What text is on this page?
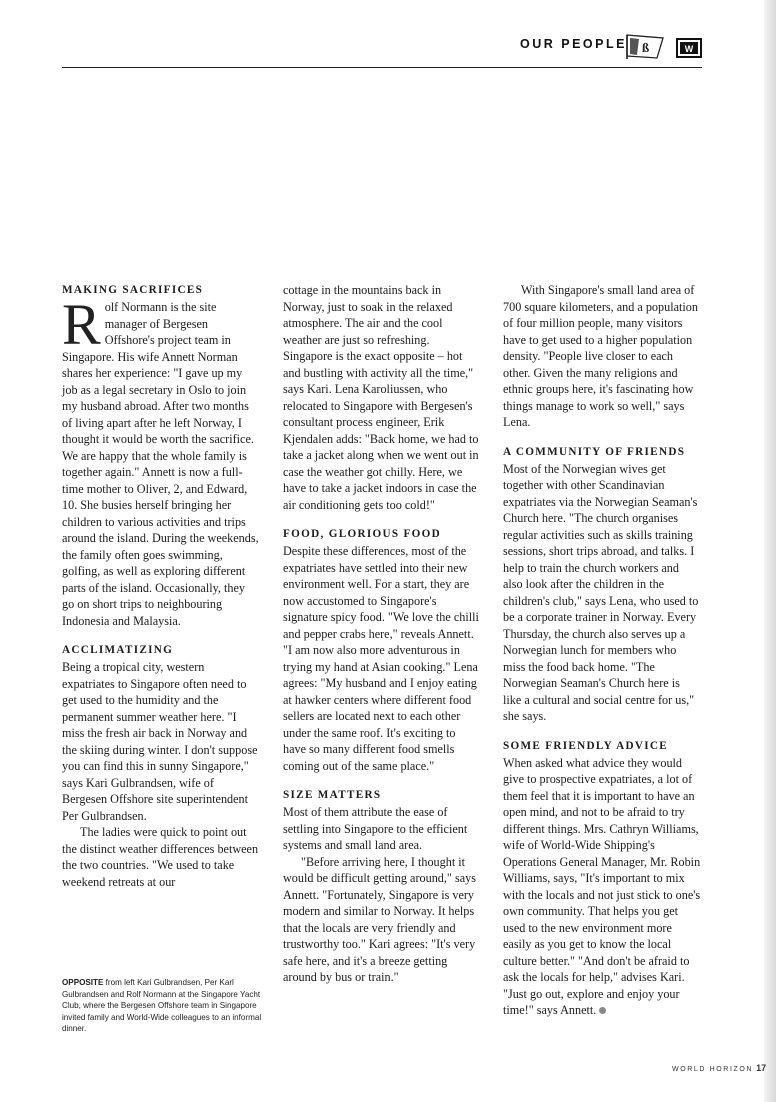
OUR PEOPLE ß	W
MAKING SACRIFICES

Rolf Normann is the site manager of Bergesen Offshore's project team in Singapore. His wife Annett Norman shares her experience: "I gave up my job as a legal secretary in Oslo to join my husband abroad. After two months of living apart after he left Norway, I thought it would be worth the sacrifice. We are happy that the whole family is together again." Annett is now a full-time mother to Oliver, 2, and Edward, 10. She busies herself bringing her children to various activities and trips around the island. During the weekends, the family often goes swimming, golfing, as well as exploring different parts of the island. Occasionally, they go on short trips to neighbouring Indonesia and Malaysia.

ACCLIMATIZING

Being a tropical city, western expatriates to Singapore often need to get used to the humidity and the permanent summer weather here. "I miss the fresh air back in Norway and the skiing during winter. I don't suppose you can find this in sunny Singapore," says Kari Gulbrandsen, wife of Bergesen Offshore site superintendent Per Gulbrandsen.

The ladies were quick to point out the distinct weather differences between the two countries. "We used to take weekend retreats at our

cottage in the mountains back in Norway, just to soak in the relaxed atmosphere. The air and the cool weather are just so refreshing. Singapore is the exact opposite – hot and bustling with activity all the time," says Kari. Lena Karoliussen, who relocated to Singapore with Bergesen's consultant process engineer, Erik Kjendalen adds: "Back home, we had to take a jacket along when we went out in case the weather got chilly. Here, we have to take a jacket indoors in case the air conditioning gets too cold!"

FOOD, GLORIOUS FOOD

Despite these differences, most of the expatriates have settled into their new environment well. For a start, they are now accustomed to Singapore's signature spicy food. "We love the chilli and pepper crabs here," reveals Annett. "I am now also more adventurous in trying my hand at Asian cooking." Lena agrees: "My husband and I enjoy eating at hawker centers where different food sellers are located next to each other under the same roof. It's exciting to have so many different food smells coming out of the same place."

SIZE MATTERS

Most of them attribute the ease of settling into Singapore to the efficient systems and small land area.

"Before arriving here, I thought it would be difficult getting around," says Annett. "Fortunately, Singapore is very modern and similar to Norway. It helps that the locals are very friendly and trustworthy too." Kari agrees: "It's very safe here, and it's a breeze getting around by bus or train."

With Singapore's small land area of 700 square kilometers, and a population of four million people, many visitors have to get used to a higher population density. "People live closer to each other. Given the many religions and ethnic groups here, it's fascinating how things manage to work so well," says Lena.

A COMMUNITY OF FRIENDS

Most of the Norwegian wives get together with other Scandinavian expatriates via the Norwegian Seaman's Church here. "The church organises regular activities such as skills training sessions, short trips abroad, and talks. I help to train the church workers and also look after the children in the children's club," says Lena, who used to be a corporate trainer in Norway. Every Thursday, the church also serves up a Norwegian lunch for members who miss the food back home. "The Norwegian Seaman's Church here is like a cultural and social centre for us," she says.

SOME FRIENDLY ADVICE

When asked what advice they would give to prospective expatriates, a lot of them feel that it is important to have an open mind, and not to be afraid to try different things. Mrs. Cathryn Williams, wife of World-Wide Shipping's Operations General Manager, Mr. Robin Williams, says, "It's important to mix with the locals and not just stick to one's own community. That helps you get used to the new environment more easily as you get to know the local culture better." "And don't be afraid to ask the locals for help," advises Kari. "Just go out, explore and enjoy your time!" says Annett.

OPPOSITE from left Kari Gulbrandsen, Per Karl Gulbrandsen and Rolf Normann at the Singapore Yacht Club, where the Bergesen Offshore team in Singapore invited family and World-Wide colleagues to an informal dinner.
WORLD HORIZON 17
